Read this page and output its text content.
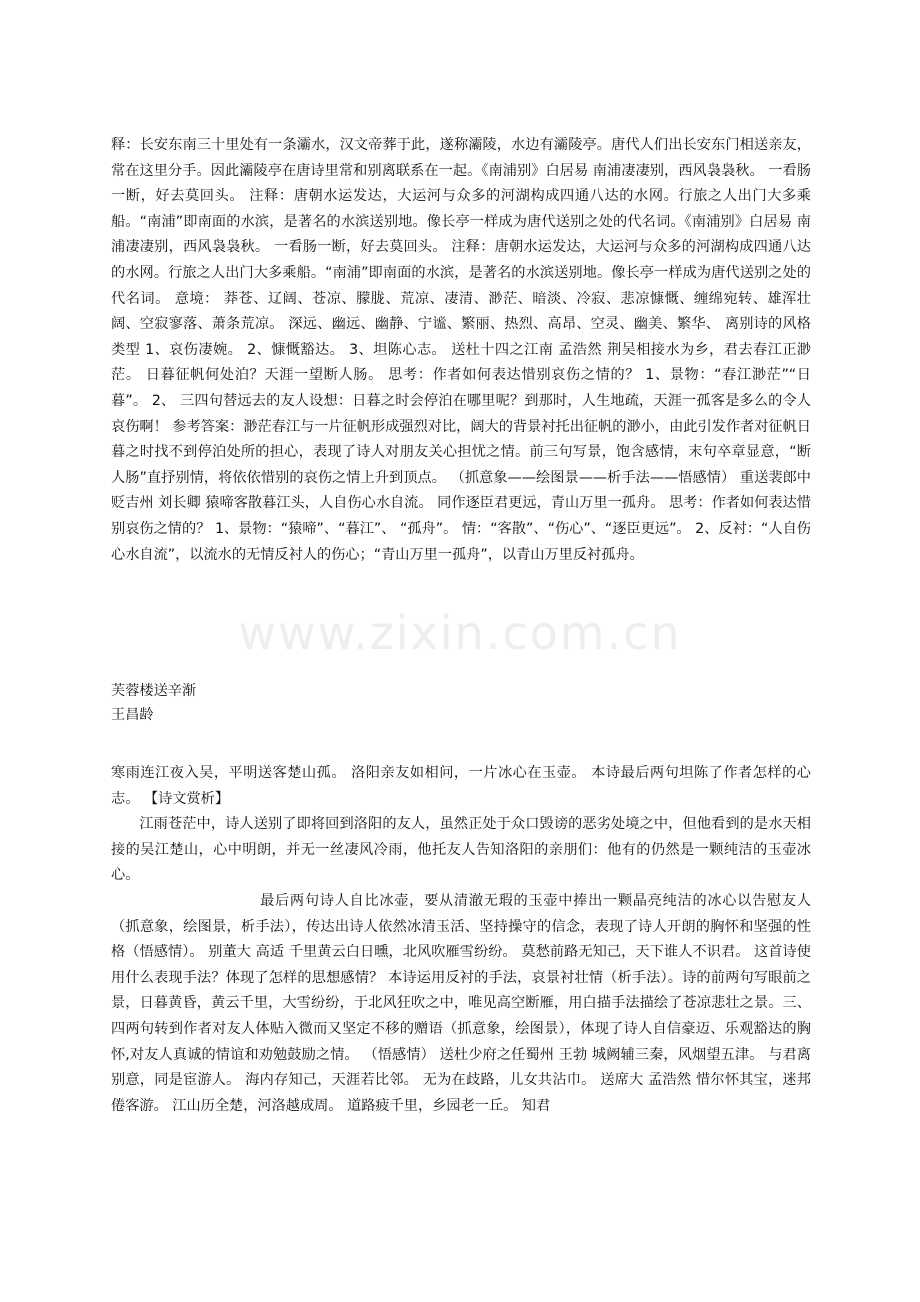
www.zixin.com.cn

释：长安东南三十里处有一条灞水，汉文帝葬于此，遂称灞陵，水边有灞陵亭。唐代人们出长安东门相送亲友，常在这里分手。因此灞陵亭在唐诗里常和别离联系在一起。《南浦别》白居易 南浦凄凄别，西风袅袅秋。 一看肠一断，好去莫回头。 注释：唐朝水运发达，大运河与众多的河湖构成四通八达的水网。行旅之人出门大多乘船。“南浦”即南面的水滨，是著名的水滨送别地。像长亭一样成为唐代送别之处的代名词。《南浦别》白居易 南浦凄凄别，西风袅袅秋。 一看肠一断，好去莫回头。 注释：唐朝水运发达，大运河与众多的河湖构成四通八达的水网。行旅之人出门大多乘船。“南浦”即南面的水滨，是著名的水滨送别地。像长亭一样成为唐代送别之处的代名词。 意境： 莽苍、辽阔、苍凉、朦胧、荒凉、凄清、渺茫、暗淡、冷寂、悲凉慷慨、缠绵宛转、雄浑壮阔、空寂寥落、萧条荒凉。 深远、幽远、幽静、宁谧、繁丽、热烈、高昂、空灵、幽美、繁华、 离别诗的风格类型 1、哀伤凄婉。 2、慷慨豁达。 3、坦陈心志。 送杜十四之江南 孟浩然 荆吴相接水为乡，君去春江正渺茫。 日暮征帆何处泊？天涯一望断人肠。 思考：作者如何表达惜别哀伤之情的？ 1、景物：“春江渺茫”“日暮”。 2、 三四句替远去的友人设想：日暮之时会停泊在哪里呢？到那时，人生地疏，天涯一孤客是多么的令人哀伤啊！ 参考答案：渺茫春江与一片征帆形成强烈对比，阔大的背景衬托出征帆的渺小，由此引发作者对征帆日暮之时找不到停泊处所的担心，表现了诗人对朋友关心担忧之情。前三句写景，饱含感情，末句卒章显意，“断人肠”直抒别情，将依依惜别的哀伤之情上升到顶点。 （抓意象——绘图景——析手法——悟感情） 重送裴郎中贬吉州 刘长卿 猿啼客散暮江头，人自伤心水自流。 同作逐臣君更远，青山万里一孤舟。 思考：作者如何表达惜别哀伤之情的？ 1、景物：“猿啼”、“暮江”、 “孤舟”。 情：“客散”、“伤心”、“逐臣更远”。 2、反衬：“人自伤心水自流”，以流水的无情反衬人的伤心；“青山万里一孤舟”，以青山万里反衬孤舟。

芙蓉楼送辛渐
王昌龄

寒雨连江夜入吴，平明送客楚山孤。 洛阳亲友如相问，一片冰心在玉壶。 本诗最后两句坦陈了作者怎样的心志。 【诗文赏析】

江雨苍茫中，诗人送别了即将回到洛阳的友人，虽然正处于众口毁谤的恶劣处境之中，但他看到的是水天相接的吴江楚山，心中明朗，并无一丝凄风冷雨，他托友人告知洛阳的亲朋们：他有的仍然是一颗纯洁的玉壶冰心。

最后两句诗人自比冰壶，要从清澈无瑕的玉壶中捧出一颗晶亮纯洁的冰心以告慰友人（抓意象，绘图景，析手法），传达出诗人依然冰清玉活、坚持操守的信念，表现了诗人开朗的胸怀和坚强的性格（悟感情）。 别董大 高适 千里黄云白日曛，北风吹雁雪纷纷。 莫愁前路无知己，天下谁人不识君。 这首诗使用什么表现手法？体现了怎样的思想感情？ 本诗运用反衬的手法，哀景衬壮情（析手法）。诗的前两句写眼前之景，日暮黄昏，黄云千里，大雪纷纷，于北风狂吹之中，唯见高空断雁，用白描手法描绘了苍凉悲壮之景。三、四两句转到作者对友人体贴入微而又坚定不移的赠语（抓意象，绘图景），体现了诗人自信豪迈、乐观豁达的胸怀,对友人真诚的情谊和劝勉鼓励之情。 （悟感情） 送杜少府之任蜀州 王勃 城阙辅三秦，风烟望五津。 与君离别意，同是宦游人。 海内存知己，天涯若比邻。 无为在歧路，儿女共沾巾。 送席大 孟浩然 惜尔怀其宝，迷邦倦客游。 江山历全楚，河洛越成周。 道路疲千里，乡园老一丘。 知君
